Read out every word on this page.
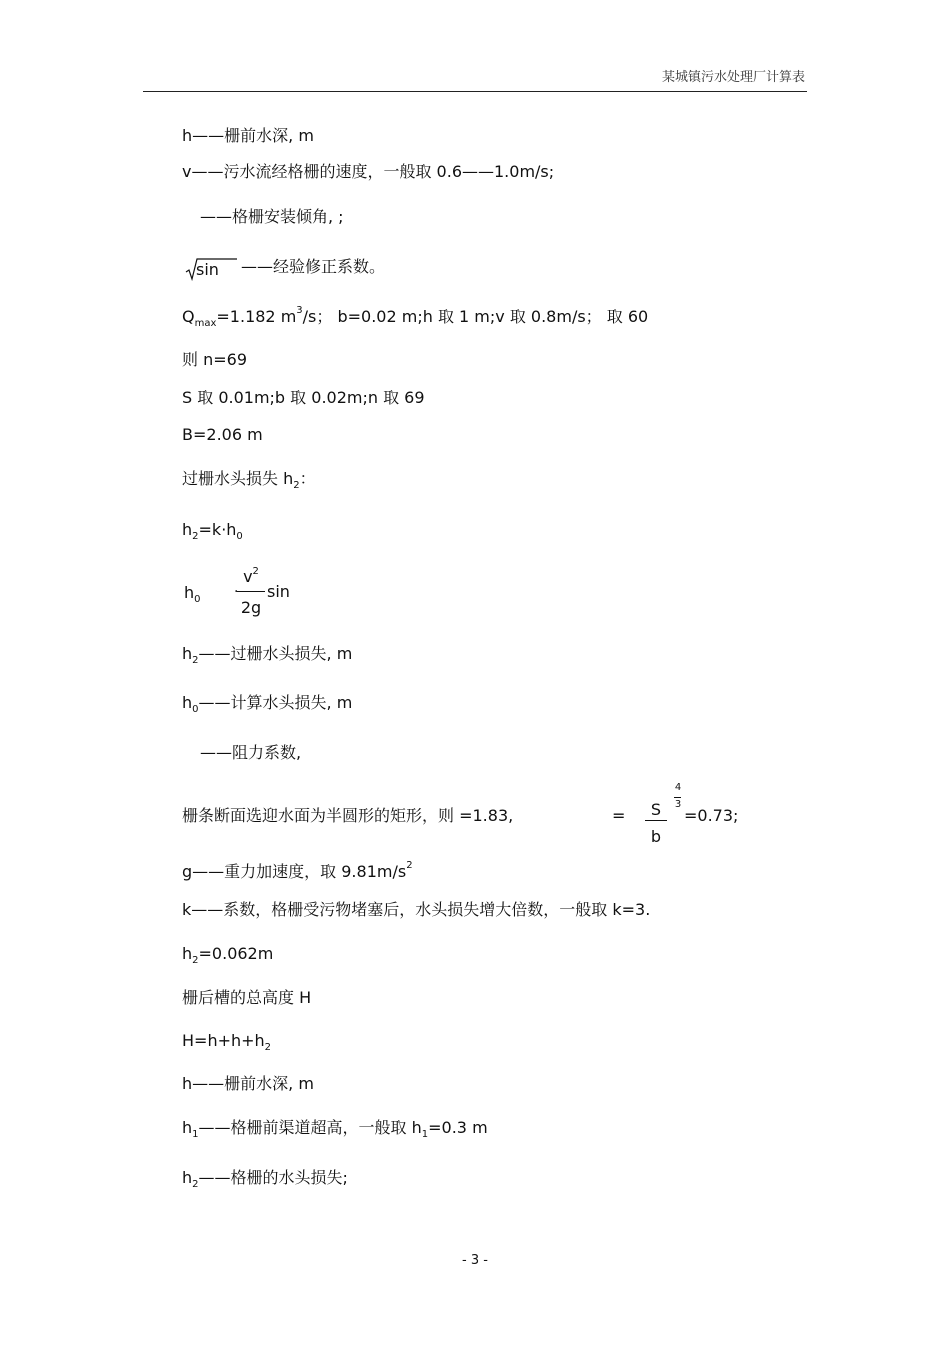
某城镇污水处理厂计算表
h——栅前水深, m
v——污水流经格栅的速度，一般取 0.6——1.0m/s;
——格栅安装倾角, ;
sin ——经验修正系数。
$Q_{max}=1.182$ $m^3/s$； b=0.02 m;h 取 1 m;v 取 0.8m/s； 取 60
则 n=69
S 取 0.01m;b 取 0.02m;n 取 69
B=2.06 m
过栅水头损失 $h_2$：
$h_2=k\cdot h_0$
$h_0$
$v^2$
·
2g
sin
$h_2——$过栅水头损失, m
$h_0——$计算水头损失, m
——阻力系数,
栅条断面选迎水面为半圆形的矩形，则 =1.83,	=	S
b
4
3
=0.73;
g——重力加速度，取 $9.81m/s^2$
k——系数，格栅受污物堵塞后，水头损失增大倍数，一般取 k=3.
$h_2=0.062m$
栅后槽的总高度 H
$H=h+h+h_2$
h——栅前水深, m
$h_1——$格栅前渠道超高，一般取 $h_1=0.3$ m
$h_2——$格栅的水头损失;
- 3 -
